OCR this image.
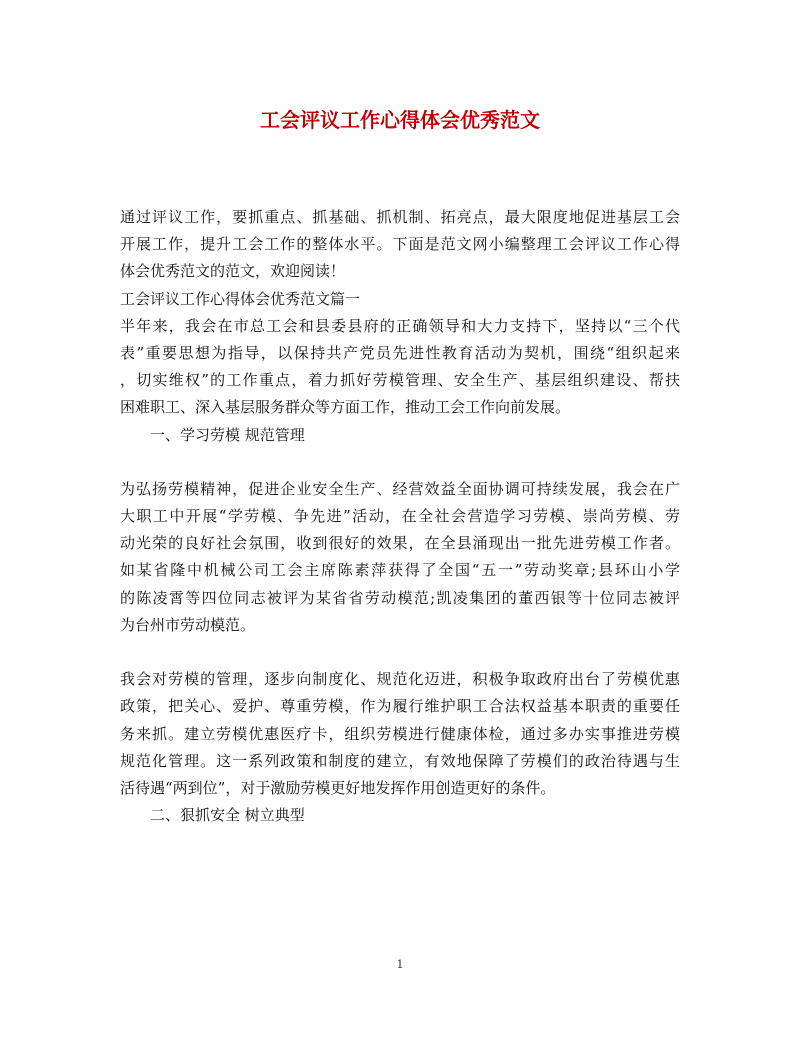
工会评议工作心得体会优秀范文
通过评议工作，要抓重点、抓基础、抓机制、拓亮点，最大限度地促进基层工会
开展工作，提升工会工作的整体水平。下面是范文网小编整理工会评议工作心得
体会优秀范文的范文，欢迎阅读！
工会评议工作心得体会优秀范文篇一
半年来，我会在市总工会和县委县府的正确领导和大力支持下，坚持以“三个代
表”重要思想为指导，以保持共产党员先进性教育活动为契机，围绕“组织起来
，切实维权”的工作重点，着力抓好劳模管理、安全生产、基层组织建设、帮扶
困难职工、深入基层服务群众等方面工作，推动工会工作向前发展。
一、学习劳模 规范管理
为弘扬劳模精神，促进企业安全生产、经营效益全面协调可持续发展，我会在广
大职工中开展“学劳模、争先进”活动，在全社会营造学习劳模、崇尚劳模、劳
动光荣的良好社会氛围，收到很好的效果，在全县涌现出一批先进劳模工作者。
如某省隆中机械公司工会主席陈素萍获得了全国“五一”劳动奖章;县环山小学
的陈凌霄等四位同志被评为某省省劳动模范;凯凌集团的董西银等十位同志被评
为台州市劳动模范。
我会对劳模的管理，逐步向制度化、规范化迈进，积极争取政府出台了劳模优惠
政策，把关心、爱护、尊重劳模，作为履行维护职工合法权益基本职责的重要任
务来抓。建立劳模优惠医疗卡，组织劳模进行健康体检，通过多办实事推进劳模
规范化管理。这一系列政策和制度的建立，有效地保障了劳模们的政治待遇与生
活待遇“两到位”，对于激励劳模更好地发挥作用创造更好的条件。
二、狠抓安全 树立典型
1
